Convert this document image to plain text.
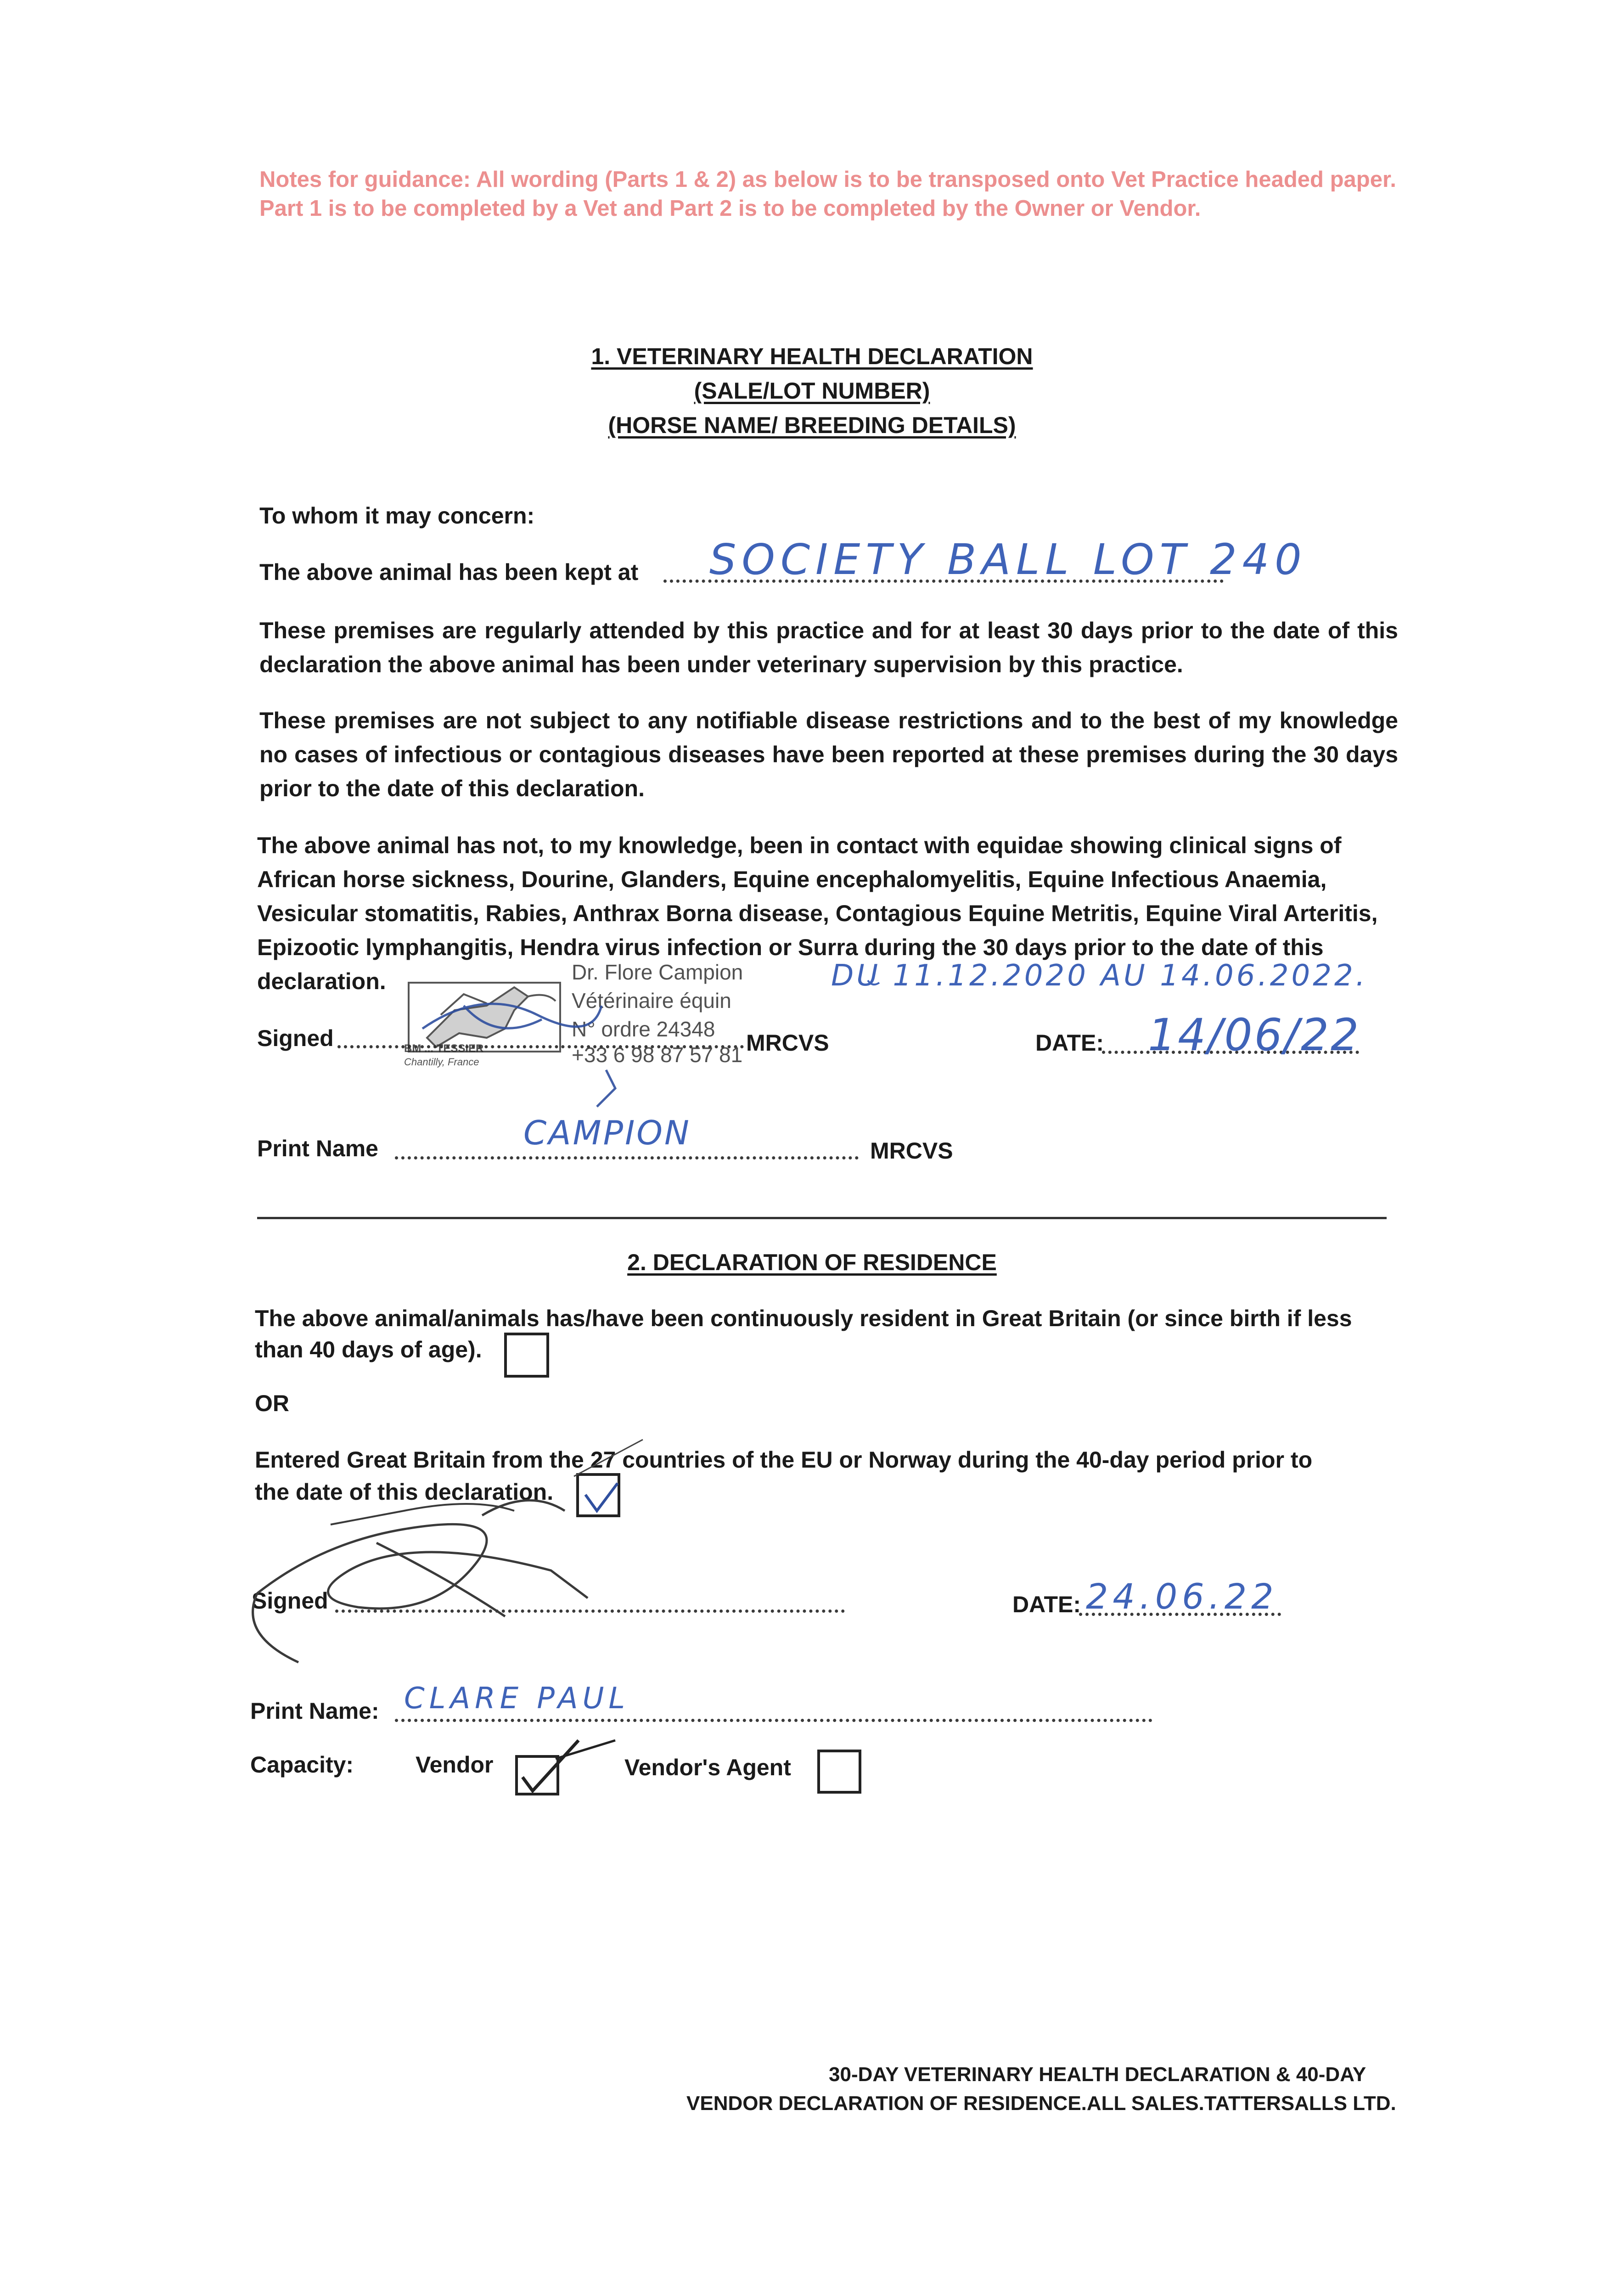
Notes for guidance: All wording (Parts 1 & 2) as below is to be transposed onto Vet Practice headed paper. Part 1 is to be completed by a Vet and Part 2 is to be completed by the Owner or Vendor.

1. VETERINARY HEALTH DECLARATION

(SALE/LOT NUMBER)

(HORSE NAME/ BREEDING DETAILS)

To whom it may concern:

The above animal has been kept at SOCIETY BALL LOT 240

These premises are regularly attended by this practice and for at least 30 days prior to the date of this declaration the above animal has been under veterinary supervision by this practice.

These premises are not subject to any notifiable disease restrictions and to the best of my knowledge no cases of infectious or contagious diseases have been reported at these premises during the 30 days prior to the date of this declaration.

The above animal has not, to my knowledge, been in contact with equidae showing clinical signs of

African horse sickness, Dourine, Glanders, Equine encephalomyelitis, Equine Infectious Anaemia,

Vesicular stomatitis, Rabies, Anthrax Borna disease, Contagious Equine Metritis, Equine Viral Arteritis,

Epizootic lymphangitis, Hendra virus infection or Surra during the 30 days prior to the date of this

declaration.	DU 11.12.2020 AU 14.06.2022.
Dr. Flore Campion
Vétérinaire équin
N° ordre 24348
+33 6 98 87 57 81
BM ... TESSIER
Chantilly, France

Signed	MRCVS	DATE: 14/06/22

Print Name	MRCVS

CAMPION

2. DECLARATION OF RESIDENCE

The above animal/animals has/have been continuously resident in Great Britain (or since birth if less

than 40 days of age).

OR

Entered Great Britain from the 27 countries of the EU or Norway during the 40-day period prior to

the date of this declaration.

Signed	DATE: 24.06.22

Print Name: CLARE PAUL

Capacity:	Vendor	Vendor's Agent

30-DAY VETERINARY HEALTH DECLARATION & 40-DAY

VENDOR DECLARATION OF RESIDENCE.ALL SALES.TATTERSALLS LTD.
